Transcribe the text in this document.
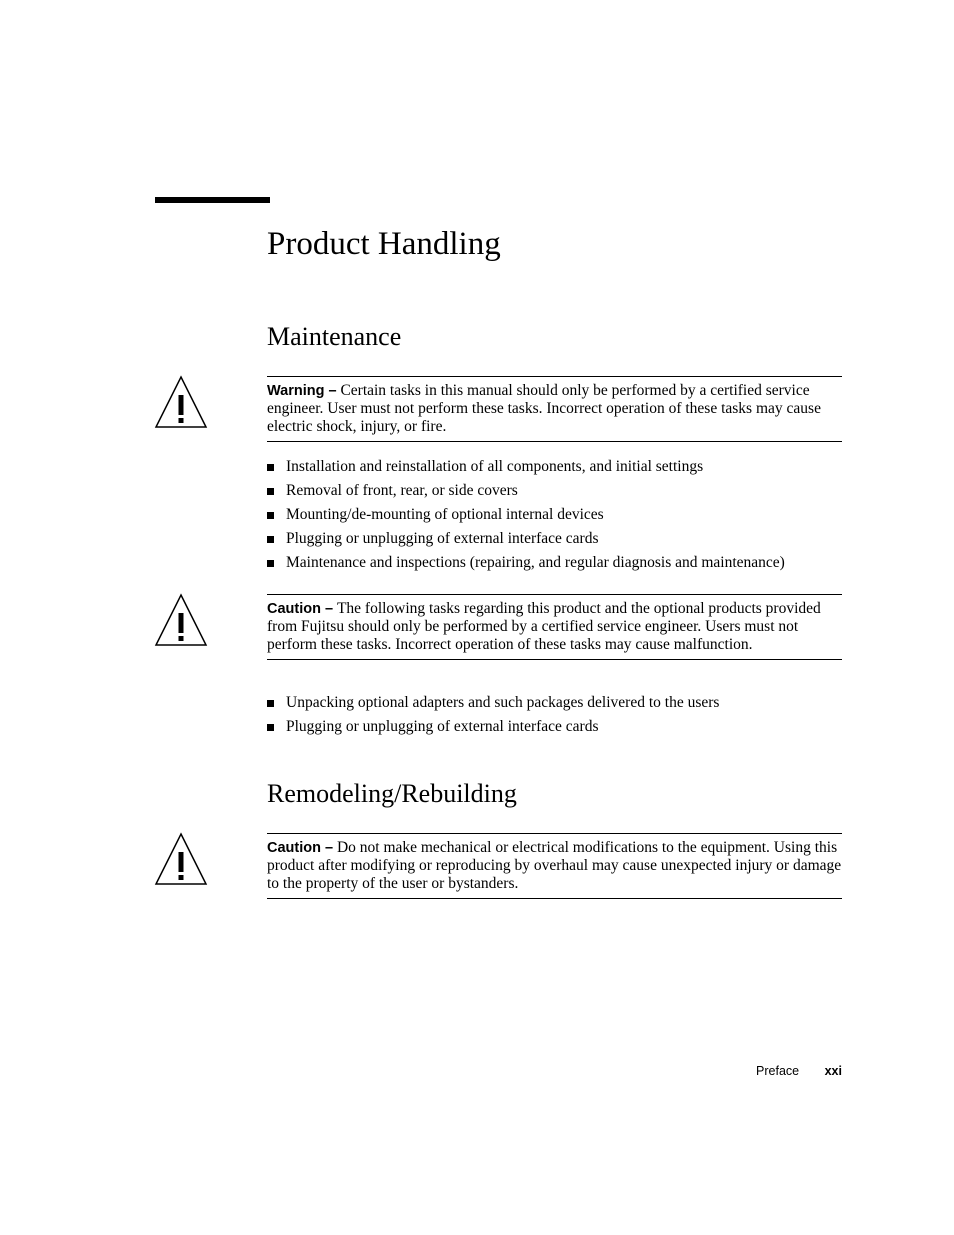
Product Handling
Maintenance
Warning – Certain tasks in this manual should only be performed by a certified service engineer. User must not perform these tasks. Incorrect operation of these tasks may cause electric shock, injury, or fire.
Installation and reinstallation of all components, and initial settings
Removal of front, rear, or side covers
Mounting/de-mounting of optional internal devices
Plugging or unplugging of external interface cards
Maintenance and inspections (repairing, and regular diagnosis and maintenance)
Caution – The following tasks regarding this product and the optional products provided from Fujitsu should only be performed by a certified service engineer. Users must not perform these tasks. Incorrect operation of these tasks may cause malfunction.
Unpacking optional adapters and such packages delivered to the users
Plugging or unplugging of external interface cards
Remodeling/Rebuilding
Caution – Do not make mechanical or electrical modifications to the equipment. Using this product after modifying or reproducing by overhaul may cause unexpected injury or damage to the property of the user or bystanders.
Preface xxi
